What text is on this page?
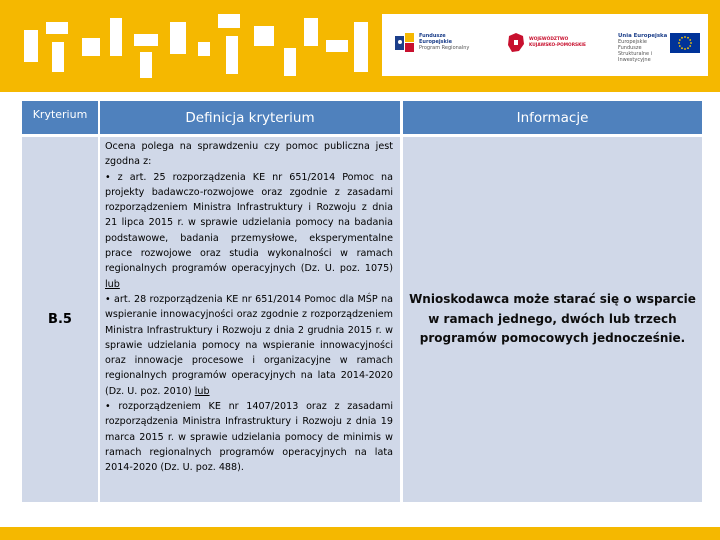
Fundusze
Europejskie
Program Regionalny
WOJEWÓDZTWO
KUJAWSKO-POMORSKIE
Unia Europejska
Europejskie Fundusze
Strukturalne i Inwestycyjne
Kryterium	Definicja kryterium	Informacje
B.5
Ocena polega na sprawdzeniu czy pomoc publiczna jest zgodna z:
• z art. 25 rozporządzenia KE nr 651/2014 Pomoc na projekty badawczo-rozwojowe oraz zgodnie z zasadami rozporządzeniem Ministra Infrastruktury i Rozwoju z dnia 21 lipca 2015 r. w sprawie udzielania pomocy na badania podstawowe, badania przemysłowe, eksperymentalne prace rozwojowe oraz studia wykonalności w ramach regionalnych programów operacyjnych (Dz. U. poz. 1075) lub
• art. 28 rozporządzenia KE nr 651/2014 Pomoc dla MŚP na wspieranie innowacyjności oraz zgodnie z rozporządzeniem Ministra Infrastruktury i Rozwoju z dnia 2 grudnia 2015 r. w sprawie udzielania pomocy na wspieranie innowacyjności oraz innowacje procesowe i organizacyjne w ramach regionalnych programów operacyjnych na lata 2014-2020 (Dz. U. poz. 2010) lub
• rozporządzeniem KE nr 1407/2013 oraz z zasadami rozporządzenia Ministra Infrastruktury i Rozwoju z dnia 19 marca 2015 r. w sprawie udzielania pomocy de minimis w ramach regionalnych programów operacyjnych na lata 2014-2020 (Dz. U. poz. 488).
Wnioskodawca może starać się o wsparcie w ramach jednego, dwóch lub trzech programów pomocowych jednocześnie.
